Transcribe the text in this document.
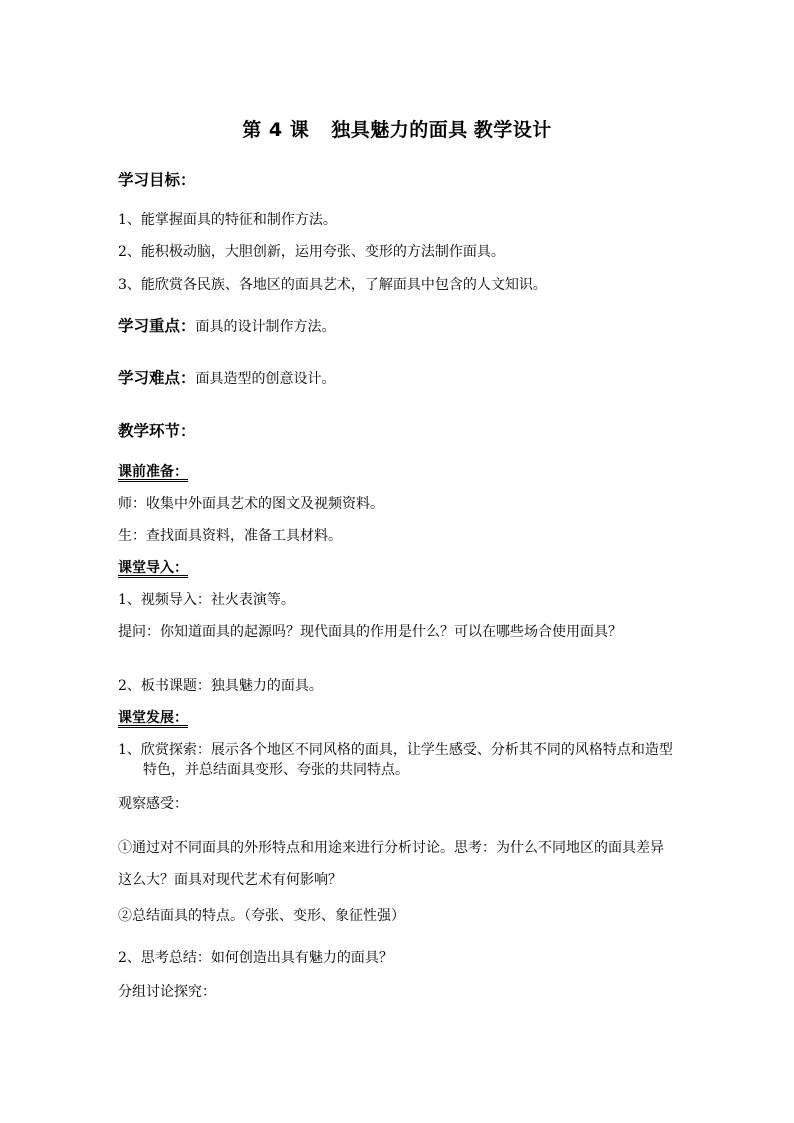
第 4 课 独具魅力的面具 教学设计
学习目标：
1、能掌握面具的特征和制作方法。
2、能积极动脑，大胆创新，运用夸张、变形的方法制作面具。
3、能欣赏各民族、各地区的面具艺术，了解面具中包含的人文知识。
学习重点：面具的设计制作方法。
学习难点：面具造型的创意设计。
教学环节：
课前准备：
师：收集中外面具艺术的图文及视频资料。
生：查找面具资料，准备工具材料。
课堂导入：
1、视频导入：社火表演等。
提问：你知道面具的起源吗？现代面具的作用是什么？可以在哪些场合使用面具？
2、板书课题：独具魅力的面具。
课堂发展：
1、欣赏探索：展示各个地区不同风格的面具，让学生感受、分析其不同的风格特点和造型特色，并总结面具变形、夸张的共同特点。
观察感受：
①通过对不同面具的外形特点和用途来进行分析讨论。思考：为什么不同地区的面具差异这么大？面具对现代艺术有何影响？
②总结面具的特点。（夸张、变形、象征性强）
2、思考总结：如何创造出具有魅力的面具？
分组讨论探究：
